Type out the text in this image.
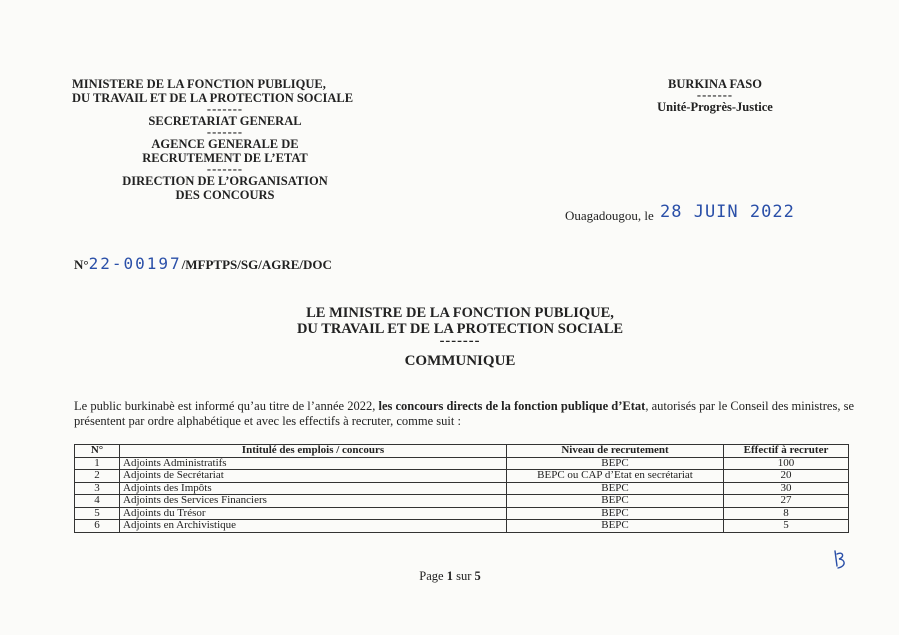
MINISTERE DE LA FONCTION PUBLIQUE,
DU TRAVAIL ET DE LA PROTECTION SOCIALE
-------
SECRETARIAT GENERAL
-------
AGENCE GENERALE DE
RECRUTEMENT DE L’ETAT
-------
DIRECTION DE L’ORGANISATION
DES CONCOURS
BURKINA FASO
-------
Unité-Progrès-Justice
Ouagadougou, le 28 JUIN 2022
N°22-00197/MFPTPS/SG/AGRE/DOC
LE MINISTRE DE LA FONCTION PUBLIQUE,
DU TRAVAIL ET DE LA PROTECTION SOCIALE
-------
COMMUNIQUE
Le public burkinabè est informé qu’au titre de l’année 2022, les concours directs de la fonction publique d’Etat, autorisés par le Conseil des ministres, se présentent par ordre alphabétique et avec les effectifs à recruter, comme suit :
N°	Intitulé des emplois / concours	Niveau de recrutement	Effectif à recruter
1	Adjoints Administratifs	BEPC	100
2	Adjoints de Secrétariat	BEPC ou CAP d’Etat en secrétariat	20
3	Adjoints des Impôts	BEPC	30
4	Adjoints des Services Financiers	BEPC	27
5	Adjoints du Trésor	BEPC	8
6	Adjoints en Archivistique	BEPC	5
Page 1 sur 5
